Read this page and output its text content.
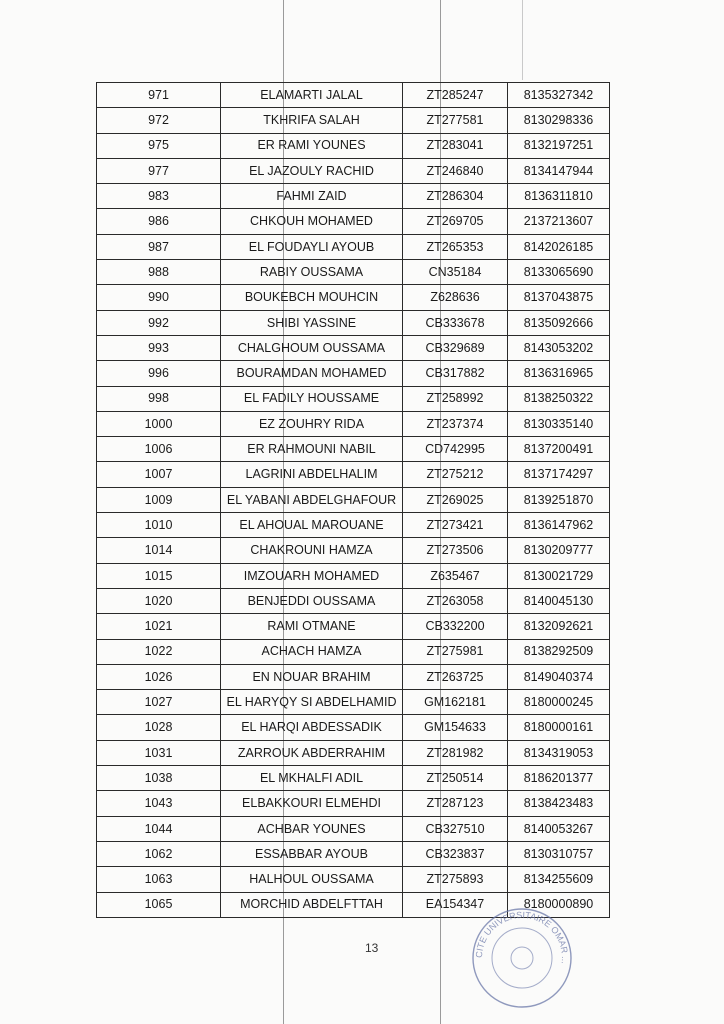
971	ELAMARTI JALAL	ZT285247	8135327342
972	TKHRIFA SALAH	ZT277581	8130298336
975	ER RAMI YOUNES	ZT283041	8132197251
977	EL JAZOULY RACHID	ZT246840	8134147944
983	FAHMI ZAID	ZT286304	8136311810
986	CHKOUH MOHAMED	ZT269705	2137213607
987	EL FOUDAYLI AYOUB	ZT265353	8142026185
988	RABIY OUSSAMA	CN35184	8133065690
990	BOUKEBCH MOUHCIN	Z628636	8137043875
992	SHIBI YASSINE	CB333678	8135092666
993	CHALGHOUM OUSSAMA	CB329689	8143053202
996	BOURAMDAN MOHAMED	CB317882	8136316965
998	EL FADILY HOUSSAME	ZT258992	8138250322
1000	EZ ZOUHRY RIDA	ZT237374	8130335140
1006	ER RAHMOUNI NABIL	CD742995	8137200491
1007	LAGRINI ABDELHALIM	ZT275212	8137174297
1009	EL YABANI ABDELGHAFOUR	ZT269025	8139251870
1010	EL AHOUAL MAROUANE	ZT273421	8136147962
1014	CHAKROUNI HAMZA	ZT273506	8130209777
1015	IMZOUARH MOHAMED	Z635467	8130021729
1020	BENJEDDI OUSSAMA	ZT263058	8140045130
1021	RAMI OTMANE	CB332200	8132092621
1022	ACHACH HAMZA	ZT275981	8138292509
1026	EN NOUAR BRAHIM	ZT263725	8149040374
1027	EL HARYQY SI ABDELHAMID	GM162181	8180000245
1028	EL HARQI ABDESSADIK	GM154633	8180000161
1031	ZARROUK ABDERRAHIM	ZT281982	8134319053
1038	EL MKHALFI ADIL	ZT250514	8186201377
1043	ELBAKKOURI ELMEHDI	ZT287123	8138423483
1044	ACHBAR YOUNES	CB327510	8140053267
1062	ESSABBAR AYOUB	CB323837	8130310757
1063	HALHOUL OUSSAMA	ZT275893	8134255609
1065	MORCHID ABDELFTTAH	EA154347	8180000890
13	CITE UNIVERSITAIRE OMAR ...
